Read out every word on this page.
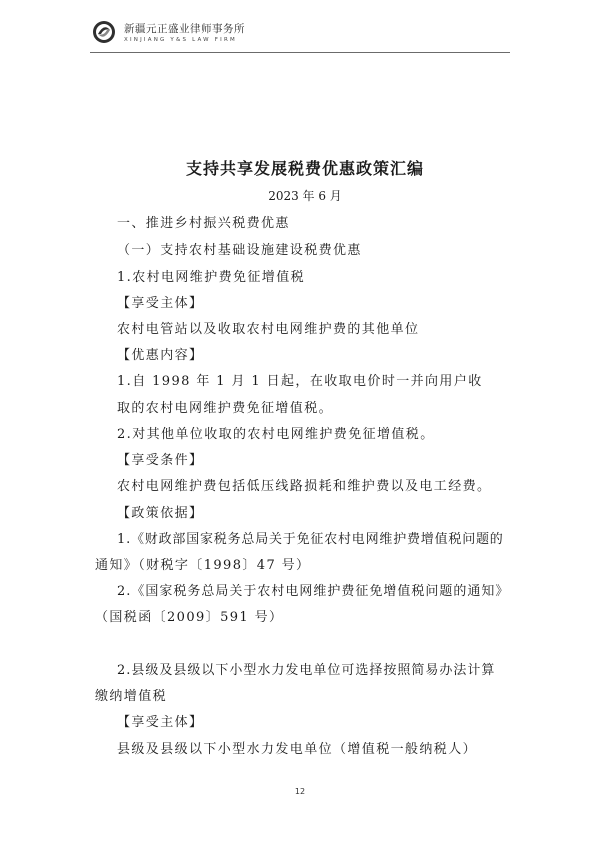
新疆元正盛业律师事务所
XINJIANG Y&S LAW FIRM
支持共享发展税费优惠政策汇编
2023 年 6 月
一、推进乡村振兴税费优惠
（一）支持农村基础设施建设税费优惠
1.农村电网维护费免征增值税
【享受主体】
农村电管站以及收取农村电网维护费的其他单位
【优惠内容】
1.自 1998 年 1 月 1 日起，在收取电价时一并向用户收
取的农村电网维护费免征增值税。
2.对其他单位收取的农村电网维护费免征增值税。
【享受条件】
农村电网维护费包括低压线路损耗和维护费以及电工经费。
【政策依据】
1.《财政部国家税务总局关于免征农村电网维护费增值税问题的
通知》（财税字〔1998〕47 号）
2.《国家税务总局关于农村电网维护费征免增值税问题的通知》
（国税函〔2009〕591 号）
2.县级及县级以下小型水力发电单位可选择按照简易办法计算
缴纳增值税
【享受主体】
县级及县级以下小型水力发电单位（增值税一般纳税人）
12
